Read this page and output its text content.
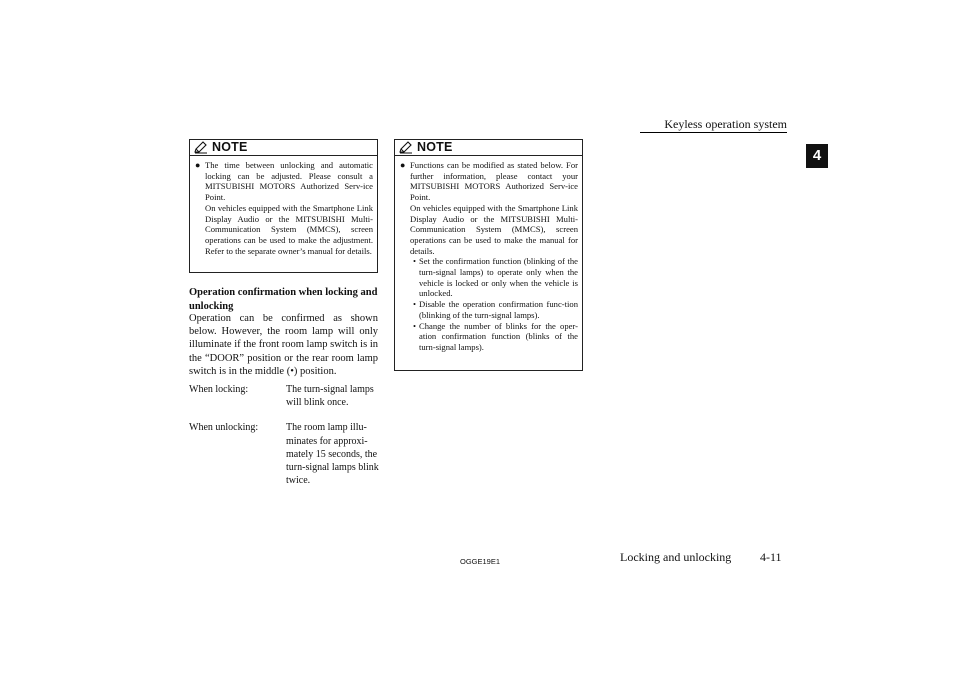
Keyless operation system
4
NOTE
● The time between unlocking and automatic locking can be adjusted. Please consult a MITSUBISHI MOTORS Authorized Serv-ice Point.
On vehicles equipped with the Smartphone Link Display Audio or the MITSUBISHI Multi-Communication System (MMCS), screen operations can be used to make the adjustment. Refer to the separate owner’s manual for details.
NOTE
● Functions can be modified as stated below. For further information, please contact your MITSUBISHI MOTORS Authorized Serv-ice Point.
On vehicles equipped with the Smartphone Link Display Audio or the MITSUBISHI Multi-Communication System (MMCS), screen operations can be used to make the manual for details.
• Set the confirmation function (blinking of the turn-signal lamps) to operate only when the vehicle is locked or only when the vehicle is unlocked.
• Disable the operation confirmation func-tion (blinking of the turn-signal lamps).
• Change the number of blinks for the oper-ation confirmation function (blinks of the turn-signal lamps).
Operation confirmation when locking and unlocking
Operation can be confirmed as shown below. However, the room lamp will only illuminate if the front room lamp switch is in the “DOOR” position or the rear room lamp switch is in the middle (•) position.
When locking:	The turn-signal lamps will blink once.
When unlocking:	The room lamp illu-minates for approxi-mately 15 seconds, the turn-signal lamps blink twice.
OGGE19E1	Locking and unlocking	4-11
